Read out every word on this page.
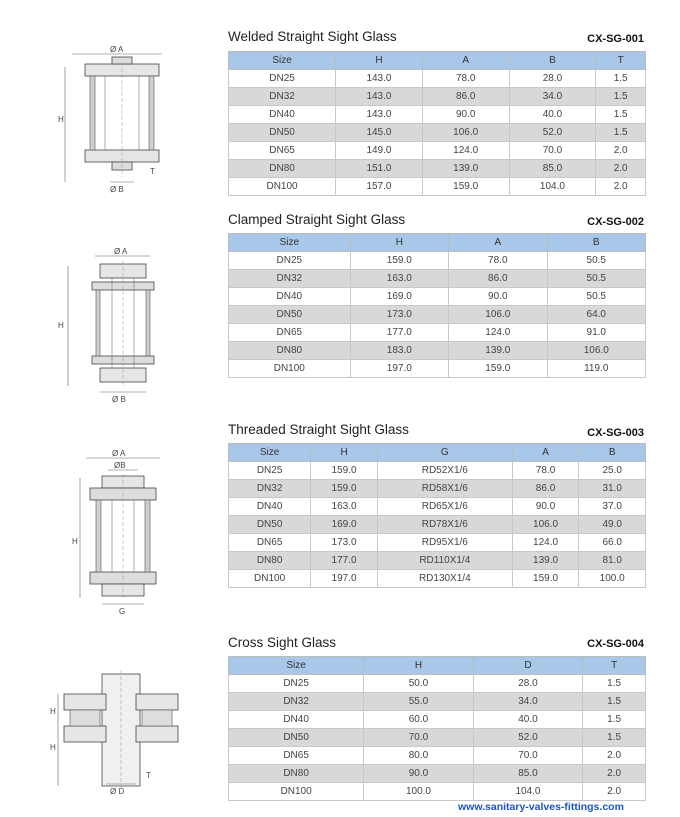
Welded Straight Sight Glass	CX-SG-001
Size	H	A	B	T
DN25	143.0	78.0	28.0	1.5
DN32	143.0	86.0	34.0	1.5
DN40	143.0	90.0	40.0	1.5
DN50	145.0	106.0	52.0	1.5
DN65	149.0	124.0	70.0	2.0
DN80	151.0	139.0	85.0	2.0
DN100	157.0	159.0	104.0	2.0
Ø A
H
T
Ø B
Clamped Straight Sight Glass	CX-SG-002
Size	H	A	B
DN25	159.0	78.0	50.5
DN32	163.0	86.0	50.5
DN40	169.0	90.0	50.5
DN50	173.0	106.0	64.0
DN65	177.0	124.0	91.0
DN80	183.0	139.0	106.0
DN100	197.0	159.0	119.0
Ø A
H
Ø B
Threaded Straight Sight Glass	CX-SG-003
Size	H	G	A	B
DN25	159.0	RD52X1/6	78.0	25.0
DN32	159.0	RD58X1/6	86.0	31.0
DN40	163.0	RD65X1/6	90.0	37.0
DN50	169.0	RD78X1/6	106.0	49.0
DN65	173.0	RD95X1/6	124.0	66.0
DN80	177.0	RD110X1/4	139.0	81.0
DN100	197.0	RD130X1/4	159.0	100.0
Ø A
ØB
H
G
Cross Sight Glass	CX-SG-004
Size	H	D	T
DN25	50.0	28.0	1.5
DN32	55.0	34.0	1.5
DN40	60.0	40.0	1.5
DN50	70.0	52.0	1.5
DN65	80.0	70.0	2.0
DN80	90.0	85.0	2.0
DN100	100.0	104.0	2.0
H
H
T
Ø D
www.sanitary-valves-fittings.com
